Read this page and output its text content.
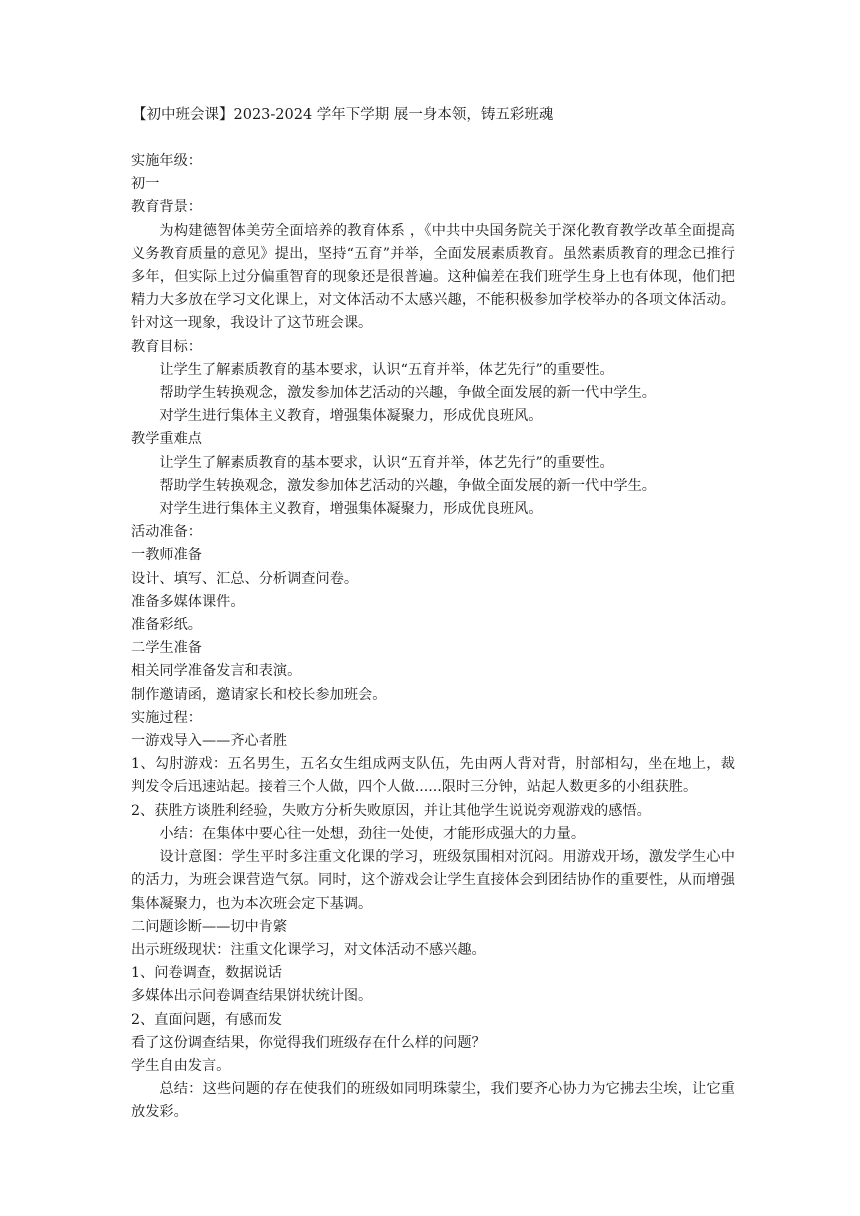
【初中班会课】2023-2024 学年下学期 展一身本领，铸五彩班魂

实施年级：

初一

教育背景：

为构建德智体美劳全面培养的教育体系 ，《中共中央国务院关于深化教育教学改革全面提高义务教育质量的意见》提出，坚持“五育”并举，全面发展素质教育。虽然素质教育的理念已推行多年，但实际上过分偏重智育的现象还是很普遍。这种偏差在我们班学生身上也有体现，他们把精力大多放在学习文化课上，对文体活动不太感兴趣，不能积极参加学校举办的各项文体活动。针对这一现象，我设计了这节班会课。

教育目标：

让学生了解素质教育的基本要求，认识“五育并举，体艺先行”的重要性。

帮助学生转换观念，激发参加体艺活动的兴趣，争做全面发展的新一代中学生。

对学生进行集体主义教育，增强集体凝聚力，形成优良班风。

教学重难点

让学生了解素质教育的基本要求，认识“五育并举，体艺先行”的重要性。

帮助学生转换观念，激发参加体艺活动的兴趣，争做全面发展的新一代中学生。

对学生进行集体主义教育，增强集体凝聚力，形成优良班风。

活动准备：

一教师准备

设计、填写、汇总、分析调查问卷。

准备多媒体课件。

准备彩纸。

二学生准备

相关同学准备发言和表演。

制作邀请函，邀请家长和校长参加班会。

实施过程：

一游戏导入——齐心者胜

1、勾肘游戏：五名男生，五名女生组成两支队伍，先由两人背对背，肘部相勾，坐在地上，裁判发令后迅速站起。接着三个人做，四个人做......限时三分钟，站起人数更多的小组获胜。

2、获胜方谈胜利经验，失败方分析失败原因，并让其他学生说说旁观游戏的感悟。

小结：在集体中要心往一处想，劲往一处使，才能形成强大的力量。

设计意图：学生平时多注重文化课的学习，班级氛围相对沉闷。用游戏开场，激发学生心中的活力，为班会课营造气氛。同时，这个游戏会让学生直接体会到团结协作的重要性，从而增强集体凝聚力，也为本次班会定下基调。

二问题诊断——切中肯綮

出示班级现状：注重文化课学习，对文体活动不感兴趣。

1、问卷调查，数据说话

多媒体出示问卷调查结果饼状统计图。

2、直面问题，有感而发

看了这份调查结果，你觉得我们班级存在什么样的问题？

学生自由发言。

总结：这些问题的存在使我们的班级如同明珠蒙尘，我们要齐心协力为它拂去尘埃，让它重放发彩。
